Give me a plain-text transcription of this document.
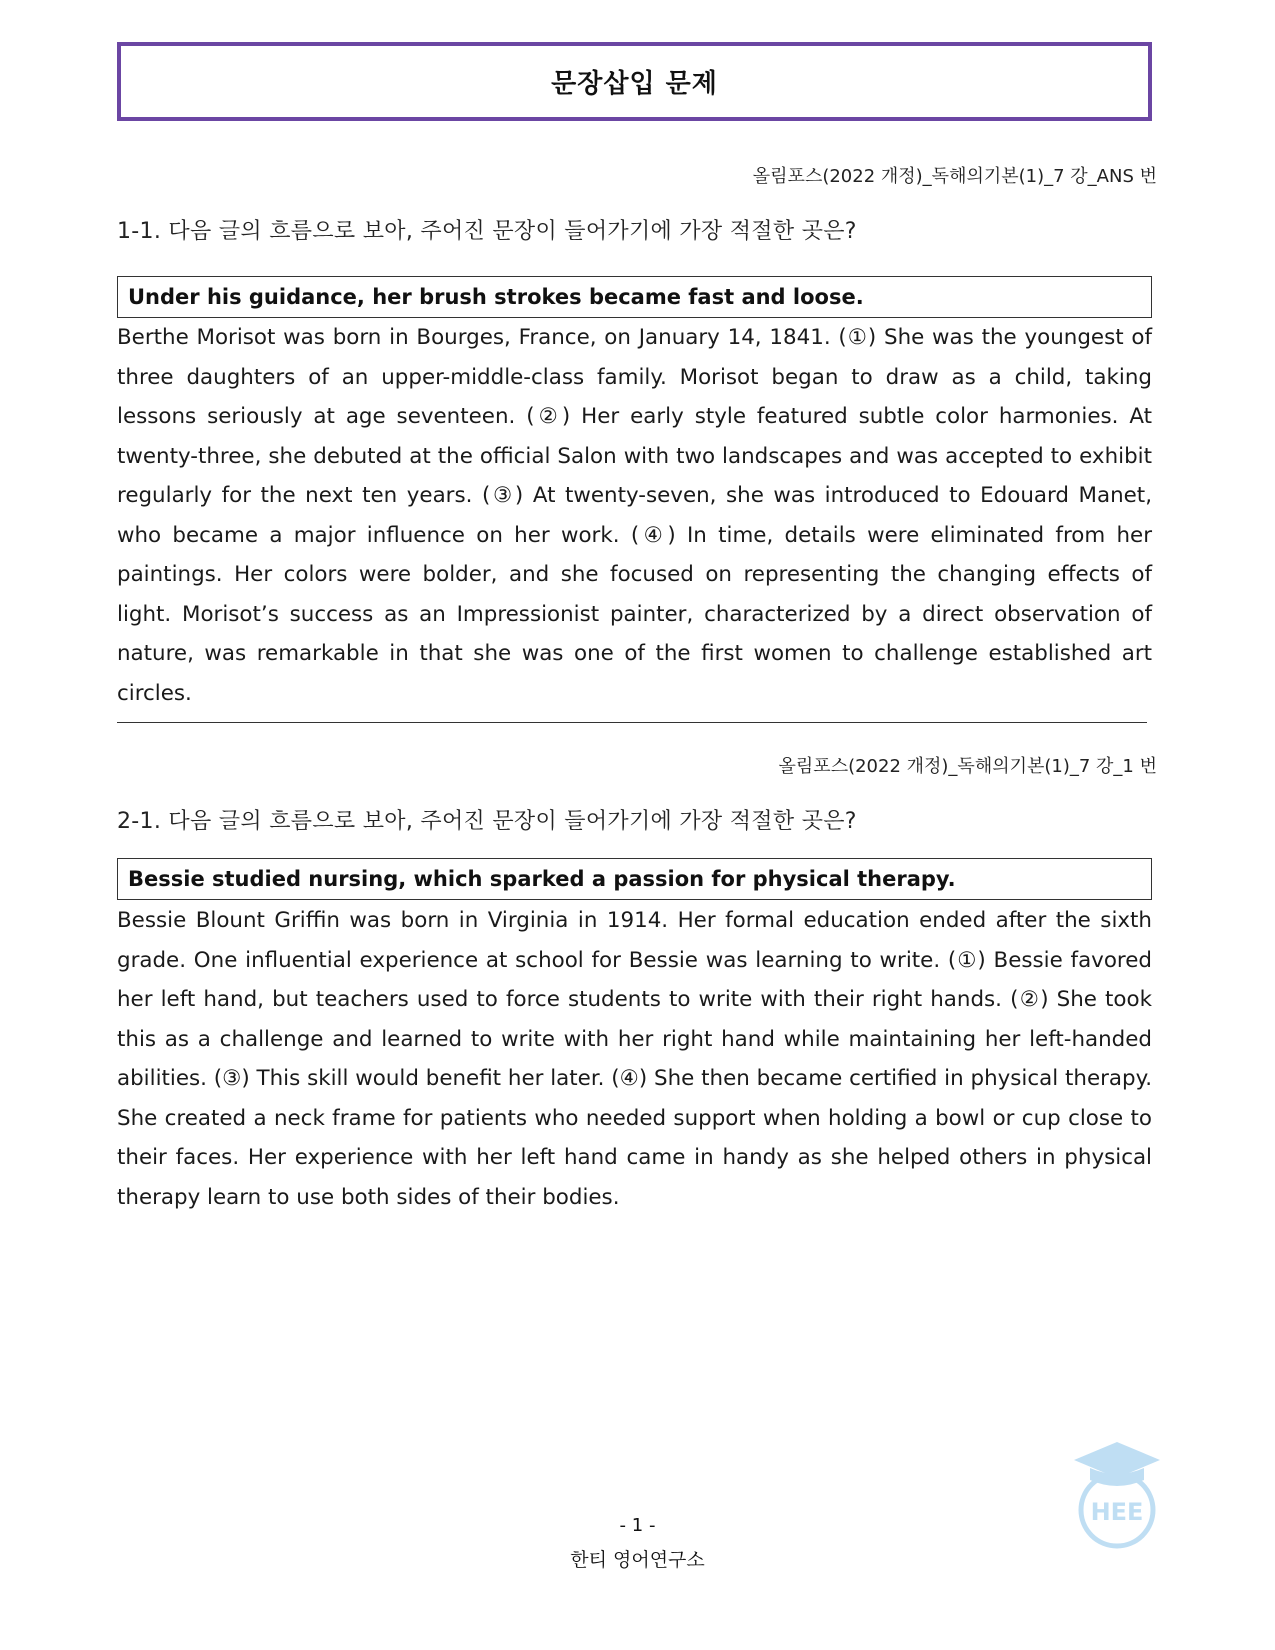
문장삽입 문제
올림포스(2022 개정)_독해의기본(1)_7 강_ANS 번
1-1. 다음 글의 흐름으로 보아, 주어진 문장이 들어가기에 가장 적절한 곳은?
Under his guidance, her brush strokes became fast and loose.

Berthe Morisot was born in Bourges, France, on January 14, 1841. (①) She was the youngest of three daughters of an upper-middle-class family. Morisot began to draw as a child, taking lessons seriously at age seventeen. (②) Her early style featured subtle color harmonies. At twenty-three, she debuted at the official Salon with two landscapes and was accepted to exhibit regularly for the next ten years. (③) At twenty-seven, she was introduced to Edouard Manet, who became a major influence on her work. (④) In time, details were eliminated from her paintings. Her colors were bolder, and she focused on representing the changing effects of light. Morisot’s success as an Impressionist painter, characterized by a direct observation of nature, was remarkable in that she was one of the first women to challenge established art circles.

올림포스(2022 개정)_독해의기본(1)_7 강_1 번
2-1. 다음 글의 흐름으로 보아, 주어진 문장이 들어가기에 가장 적절한 곳은?
Bessie studied nursing, which sparked a passion for physical therapy.

Bessie Blount Griffin was born in Virginia in 1914. Her formal education ended after the sixth grade. One influential experience at school for Bessie was learning to write. (①) Bessie favored her left hand, but teachers used to force students to write with their right hands. (②) She took this as a challenge and learned to write with her right hand while maintaining her left-handed abilities. (③) This skill would benefit her later. (④) She then became certified in physical therapy. She created a neck frame for patients who needed support when holding a bowl or cup close to their faces. Her experience with her left hand came in handy as she helped others in physical therapy learn to use both sides of their bodies.

- 1 -
한티 영어연구소
HEE
